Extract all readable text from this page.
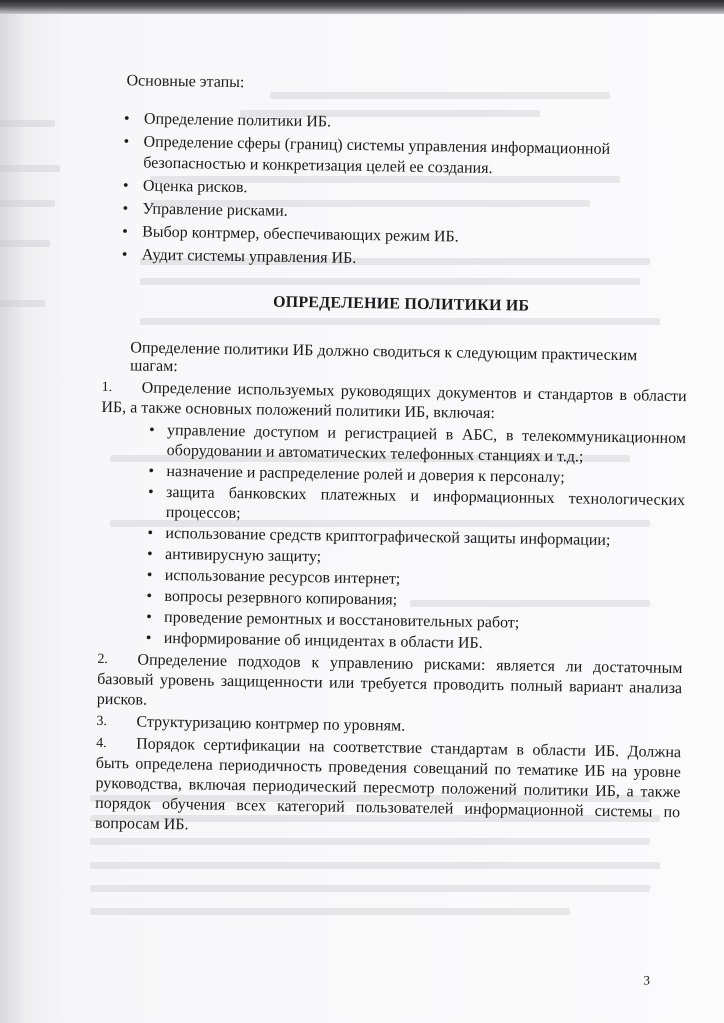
Основные этапы:

• Определение политики ИБ.
• Определение сферы (границ) системы управления информационной безопасностью и конкретизация целей ее создания.
• Оценка рисков.
• Управление рисками.
• Выбор контрмер, обеспечивающих режим ИБ.
• Аудит системы управления ИБ.
ОПРЕДЕЛЕНИЕ ПОЛИТИКИ ИБ

Определение политики ИБ должно сводиться к следующим практическим шагам:

1.	Определение используемых руководящих документов и стандартов в области ИБ, а также основных положений политики ИБ, включая:
• управление доступом и регистрацией в АБС, в телекоммуникационном оборудовании и автоматических телефонных станциях и т.д.;
• назначение и распределение ролей и доверия к персоналу;
• защита банковских платежных и информационных технологических процессов;
• использование средств криптографической защиты информации;
• антивирусную защиту;
• использование ресурсов интернет;
• вопросы резервного копирования;
• проведение ремонтных и восстановительных работ;
• информирование об инцидентах в области ИБ.
2.	Определение подходов к управлению рисками: является ли достаточным базовый уровень защищенности или требуется проводить полный вариант анализа рисков.
3.	Структуризацию контрмер по уровням.
4.	Порядок сертификации на соответствие стандартам в области ИБ. Должна быть определена периодичность проведения совещаний по тематике ИБ на уровне руководства, включая периодический пересмотр положений политики ИБ, а также порядок обучения всех категорий пользователей информационной системы по вопросам ИБ.

3
